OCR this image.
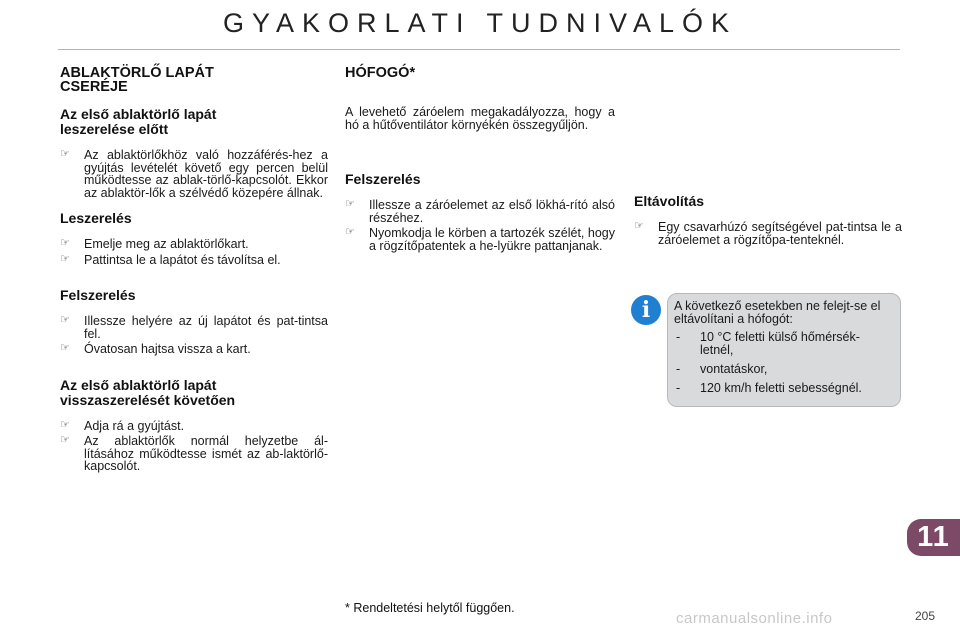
GYAKORLATI TUDNIVALÓK
ABLAKTÖRLŐ LAPÁT CSERÉJE
Az első ablaktörlő lapát leszerelése előtt
☞ Az ablaktörlőkhöz való hozzáférés-hez a gyújtás levételét követő egy percen belül működtesse az ablak-törlő-kapcsolót. Ekkor az ablaktör-lők a szélvédő közepére állnak.
Leszerelés
☞ Emelje meg az ablaktörlőkart.
☞ Pattintsa le a lapátot és távolítsa el.
Felszerelés
☞ Illessze helyére az új lapátot és pat-tintsa fel.
☞ Óvatosan hajtsa vissza a kart.
Az első ablaktörlő lapát visszaszerelését követően
☞ Adja rá a gyújtást.
☞ Az ablaktörlők normál helyzetbe ál-lításához működtesse ismét az ab-laktörlő-kapcsolót.
HÓFOGÓ*

A levehető záróelem megakadályozza, hogy a hó a hűtőventilátor környékén összegyűljön.

Felszerelés
☞ Illessze a záróelemet az első lökhá-rító alsó részéhez.
☞ Nyomkodja le körben a tartozék szélét, hogy a rögzítőpatentek a he-lyükre pattanjanak.
Eltávolítás
☞ Egy csavarhúzó segítségével pat-tintsa le a záróelemet a rögzítőpa-tenteknél.
i	A következő esetekben ne felejt-se el eltávolítani a hófogót:

- 10 °C feletti külső hőmérsék-letnél,
- vontatáskor,
- 120 km/h feletti sebességnél.
* Rendeltetési helytől függően.
11
carmanualsonline.info	205
